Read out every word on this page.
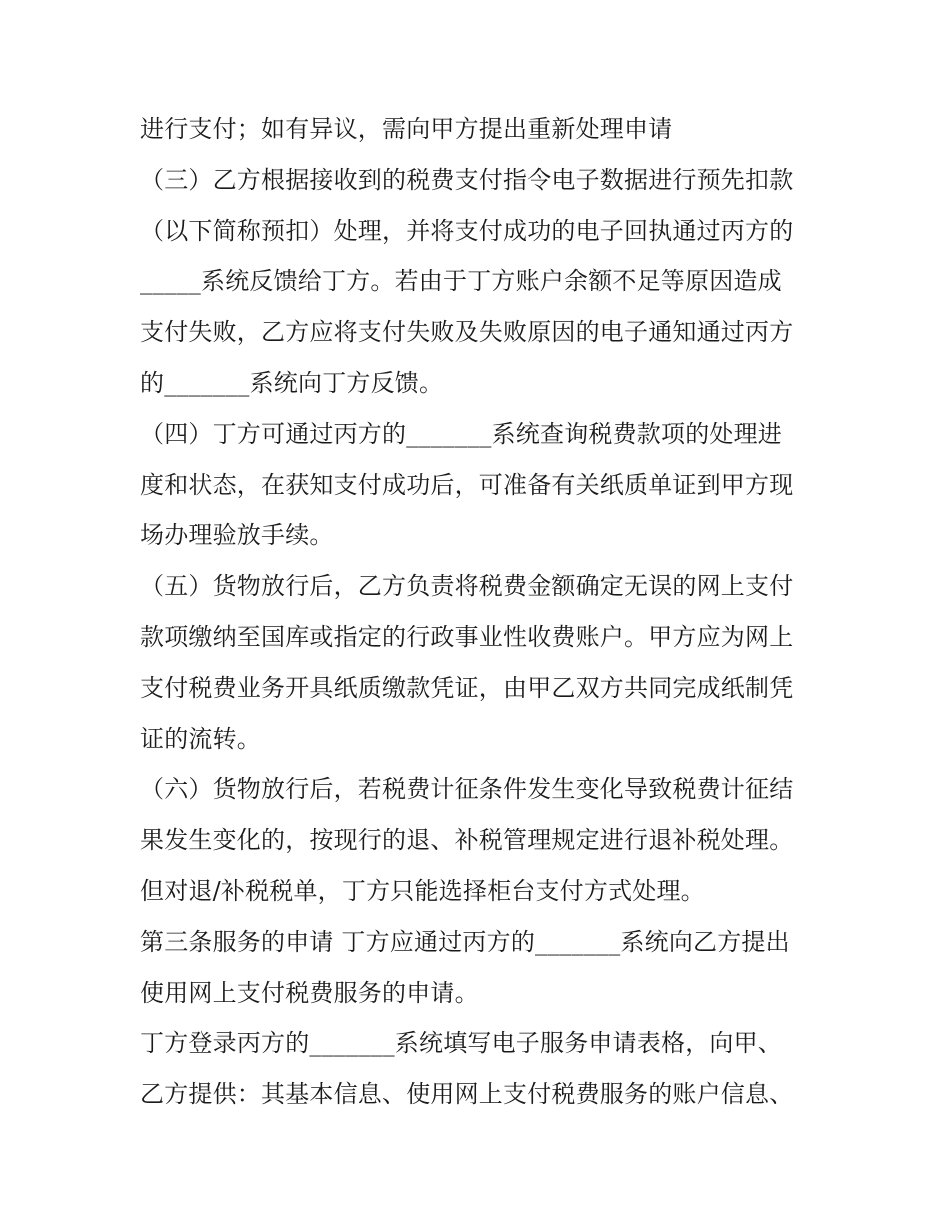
进行支付；如有异议，需向甲方提出重新处理申请
（三）乙方根据接收到的税费支付指令电子数据进行预先扣款
（以下简称预扣）处理，并将支付成功的电子回执通过丙方的
_____系统反馈给丁方。若由于丁方账户余额不足等原因造成
支付失败，乙方应将支付失败及失败原因的电子通知通过丙方
的_______系统向丁方反馈。
（四）丁方可通过丙方的_______系统查询税费款项的处理进
度和状态，在获知支付成功后，可准备有关纸质单证到甲方现
场办理验放手续。
（五）货物放行后，乙方负责将税费金额确定无误的网上支付
款项缴纳至国库或指定的行政事业性收费账户。甲方应为网上
支付税费业务开具纸质缴款凭证，由甲乙双方共同完成纸制凭
证的流转。
（六）货物放行后，若税费计征条件发生变化导致税费计征结
果发生变化的，按现行的退、补税管理规定进行退补税处理。
但对退/补税税单，丁方只能选择柜台支付方式处理。
第三条服务的申请 丁方应通过丙方的_______系统向乙方提出
使用网上支付税费服务的申请。
丁方登录丙方的_______系统填写电子服务申请表格，向甲、
乙方提供：其基本信息、使用网上支付税费服务的账户信息、
